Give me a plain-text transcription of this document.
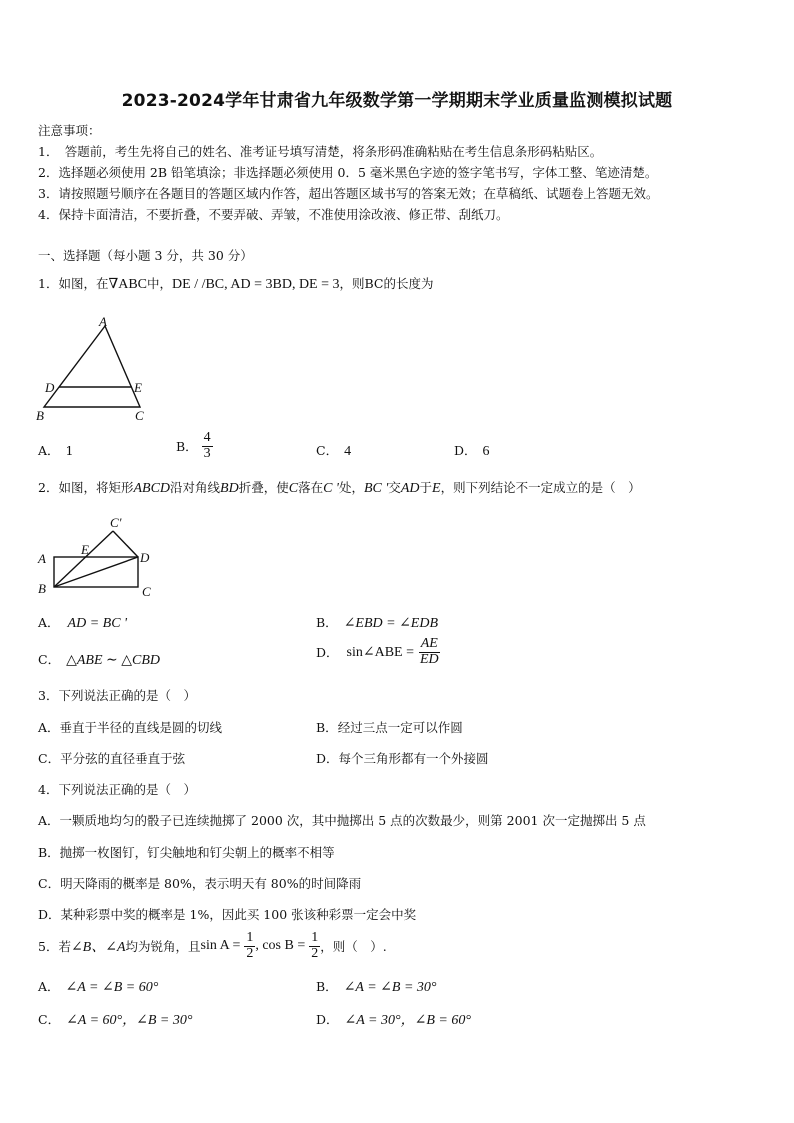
2023-2024学年甘肃省九年级数学第一学期期末学业质量监测模拟试题
注意事项：
1．　答题前，考生先将自己的姓名、准考证号填写清楚，将条形码准确粘贴在考生信息条形码粘贴区。
2．选择题必须使用 2B 铅笔填涂；非选择题必须使用 0．5 毫米黑色字迹的签字笔书写，字体工整、笔迹清楚。
3．请按照题号顺序在各题目的答题区域内作答，超出答题区域书写的答案无效；在草稿纸、试题卷上答题无效。
4．保持卡面清洁，不要折叠，不要弄破、弄皱，不准使用涂改液、修正带、刮纸刀。
一、选择题（每小题 3 分，共 30 分）
1．如图，在∇ABC中，DE / /BC, AD = 3BD, DE = 3，则BC的长度为
A
D	E
B	C
A． 1	B． $\frac{4}{3}$	C． 4	D． 6
2．如图，将矩形ABCD沿对角线BD折叠，使C落在C '处，BC '交AD于E，则下列结论不一定成立的是（　）
A
E
C'
D
B	C
A． AD = BC '	B． ∠EBD = ∠EDB
C． △ABE ∼ △CBD
D． sin∠ABE = $\frac{AE}{ED}$
3．下列说法正确的是（　）
A．垂直于半径的直线是圆的切线	B．经过三点一定可以作圆
C．平分弦的直径垂直于弦	D．每个三角形都有一个外接圆
4．下列说法正确的是（　）
A．一颗质地均匀的骰子已连续抛掷了 2000 次，其中抛掷出 5 点的次数最少，则第 2001 次一定抛掷出 5 点
B．抛掷一枚图钉，钉尖触地和钉尖朝上的概率不相等
C．明天降雨的概率是 80%，表示明天有 80%的时间降雨
D．某种彩票中奖的概率是 1%，因此买 100 张该种彩票一定会中奖
5．若∠B、∠A均为锐角，且$\sin A = \frac{1}{2}$ , $\cos B = \frac{1}{2}$ ，则（　）.
A． ∠A = ∠B = 60°	B． ∠A = ∠B = 30°
C． ∠A = 60°，∠B = 30°	D． ∠A = 30°，∠B = 60°
